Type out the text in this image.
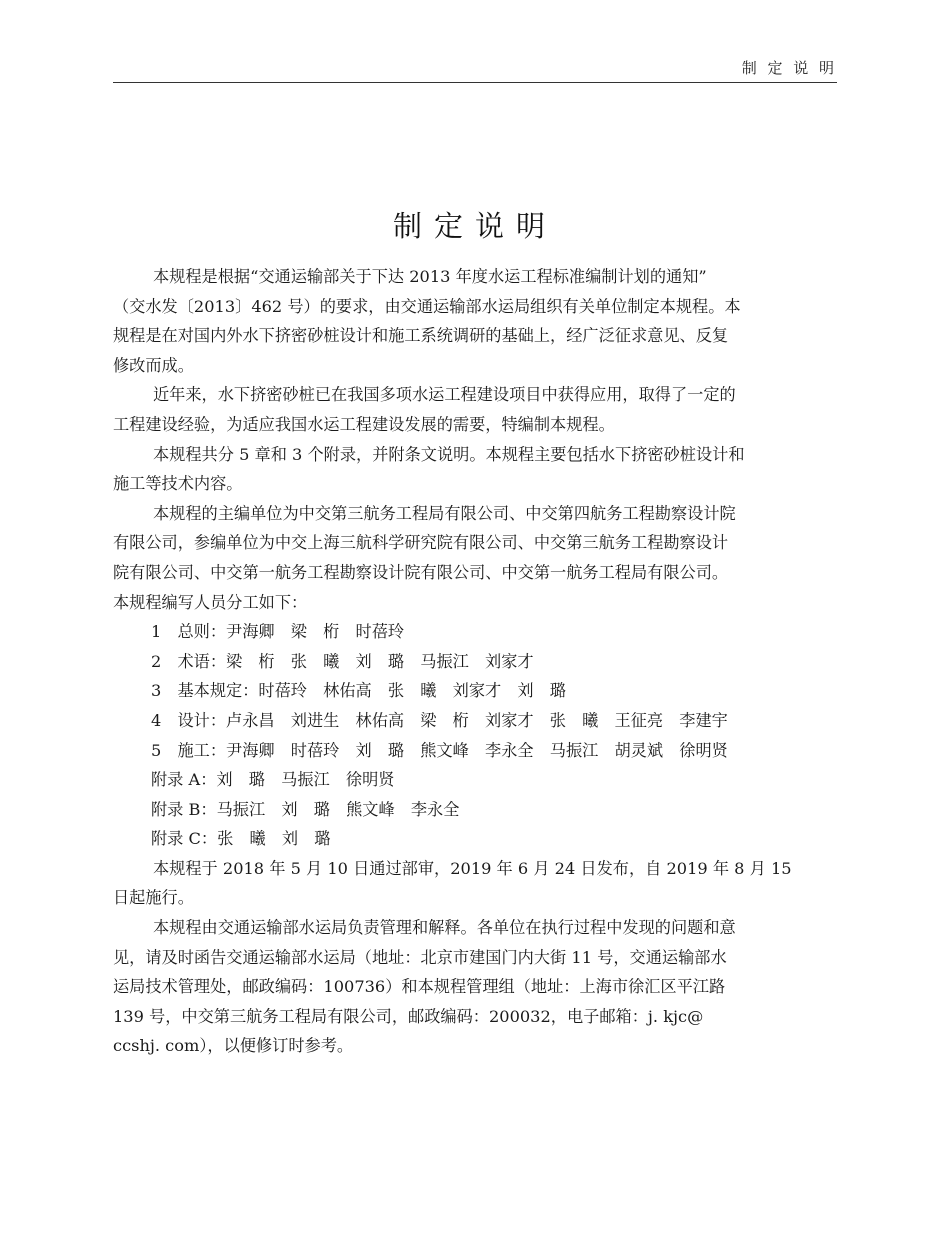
制 定 说 明
制定说明

本规程是根据“交通运输部关于下达 2013 年度水运工程标准编制计划的通知”
（交水发〔2013〕462 号）的要求，由交通运输部水运局组织有关单位制定本规程。本
规程是在对国内外水下挤密砂桩设计和施工系统调研的基础上，经广泛征求意见、反复
修改而成。

近年来，水下挤密砂桩已在我国多项水运工程建设项目中获得应用，取得了一定的
工程建设经验，为适应我国水运工程建设发展的需要，特编制本规程。

本规程共分 5 章和 3 个附录，并附条文说明。本规程主要包括水下挤密砂桩设计和
施工等技术内容。

本规程的主编单位为中交第三航务工程局有限公司、中交第四航务工程勘察设计院
有限公司，参编单位为中交上海三航科学研究院有限公司、中交第三航务工程勘察设计
院有限公司、中交第一航务工程勘察设计院有限公司、中交第一航务工程局有限公司。
本规程编写人员分工如下：

1　总则：尹海卿　梁　桁　时蓓玲

2　术语：梁　桁　张　曦　刘　璐　马振江　刘家才

3　基本规定：时蓓玲　林佑高　张　曦　刘家才　刘　璐

4　设计：卢永昌　刘进生　林佑高　梁　桁　刘家才　张　曦　王征亮　李建宇

5　施工：尹海卿　时蓓玲　刘　璐　熊文峰　李永全　马振江　胡灵斌　徐明贤

附录 A：刘　璐　马振江　徐明贤

附录 B：马振江　刘　璐　熊文峰　李永全

附录 C：张　曦　刘　璐

本规程于 2018 年 5 月 10 日通过部审，2019 年 6 月 24 日发布，自 2019 年 8 月 15
日起施行。

本规程由交通运输部水运局负责管理和解释。各单位在执行过程中发现的问题和意
见，请及时函告交通运输部水运局（地址：北京市建国门内大街 11 号，交通运输部水
运局技术管理处，邮政编码：100736）和本规程管理组（地址：上海市徐汇区平江路
139 号，中交第三航务工程局有限公司，邮政编码：200032，电子邮箱：j. kjc@
ccshj. com），以便修订时参考。
